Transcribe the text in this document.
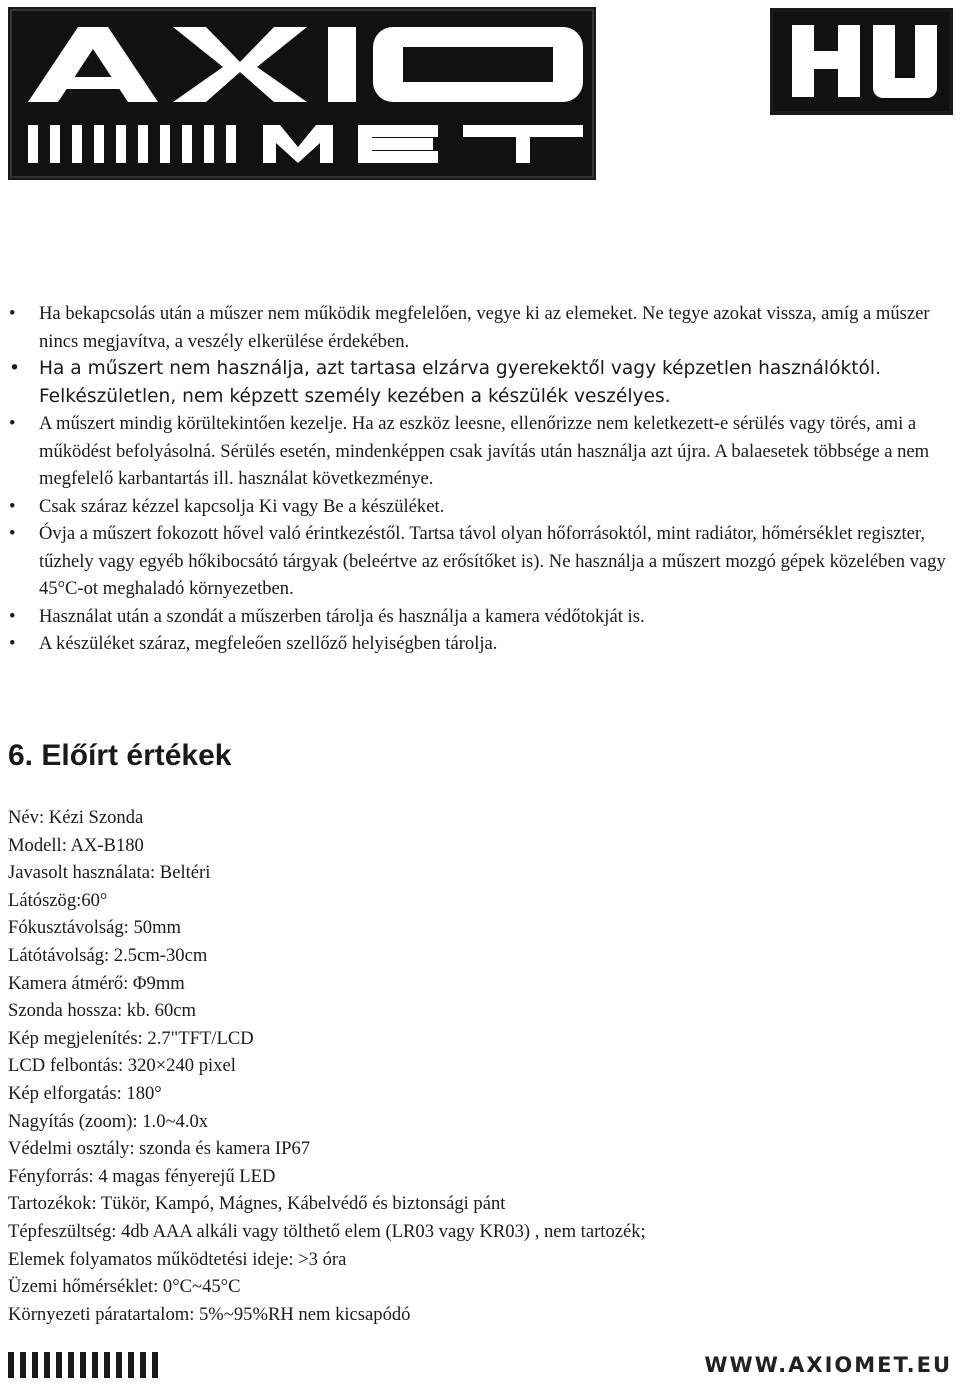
• Ha bekapcsolás után a műszer nem működik megfelelően, vegye ki az elemeket. Ne tegye azokat vissza, amíg a műszer nincs megjavítva, a veszély elkerülése érdekében.
• Ha a műszert nem használja, azt tartasa elzárva gyerekektől vagy képzetlen használóktól. Felkészületlen, nem képzett személy kezében a készülék veszélyes.
• A műszert mindig körültekintően kezelje. Ha az eszköz leesne, ellenőrizze nem keletkezett-e sérülés vagy törés, ami a működést befolyásolná. Sérülés esetén, mindenképpen csak javítás után használja azt újra. A balaesetek többsége a nem megfelelő karbantartás ill. használat következménye.
• Csak száraz kézzel kapcsolja Ki vagy Be a készüléket.
• Óvja a műszert fokozott hővel való érintkezéstől. Tartsa távol olyan hőforrásoktól, mint radiátor, hőmérséklet regiszter, tűzhely vagy egyéb hőkibocsátó tárgyak (beleértve az erősítőket is). Ne használja a műszert mozgó gépek közelében vagy 45°C-ot meghaladó környezetben.
• Használat után a szondát a műszerben tárolja és használja a kamera védőtokját is.
• A készüléket száraz, megfeleően szellőző helyiségben tárolja.
6. Előírt értékek
Név: Kézi Szonda
Modell: AX-B180
Javasolt használata: Beltéri
Látószög:60°
Fókusztávolság: 50mm
Látótávolság: 2.5cm-30cm
Kamera átmérő: Φ9mm
Szonda hossza: kb. 60cm
Kép megjelenítés: 2.7"TFT/LCD
LCD felbontás: 320×240 pixel
Kép elforgatás: 180°
Nagyítás (zoom): 1.0~4.0x
Védelmi osztály: szonda és kamera IP67
Fényforrás: 4 magas fényerejű LED
Tartozékok: Tükör, Kampó, Mágnes, Kábelvédő és biztonsági pánt
Tépfeszültség: 4db AAA alkáli vagy tölthető elem (LR03 vagy KR03) , nem tartozék;
Elemek folyamatos működtetési ideje: >3 óra
Üzemi hőmérséklet: 0°C~45°C
Környezeti páratartalom: 5%~95%RH nem kicsapódó
WWW.AXIOMET.EU
